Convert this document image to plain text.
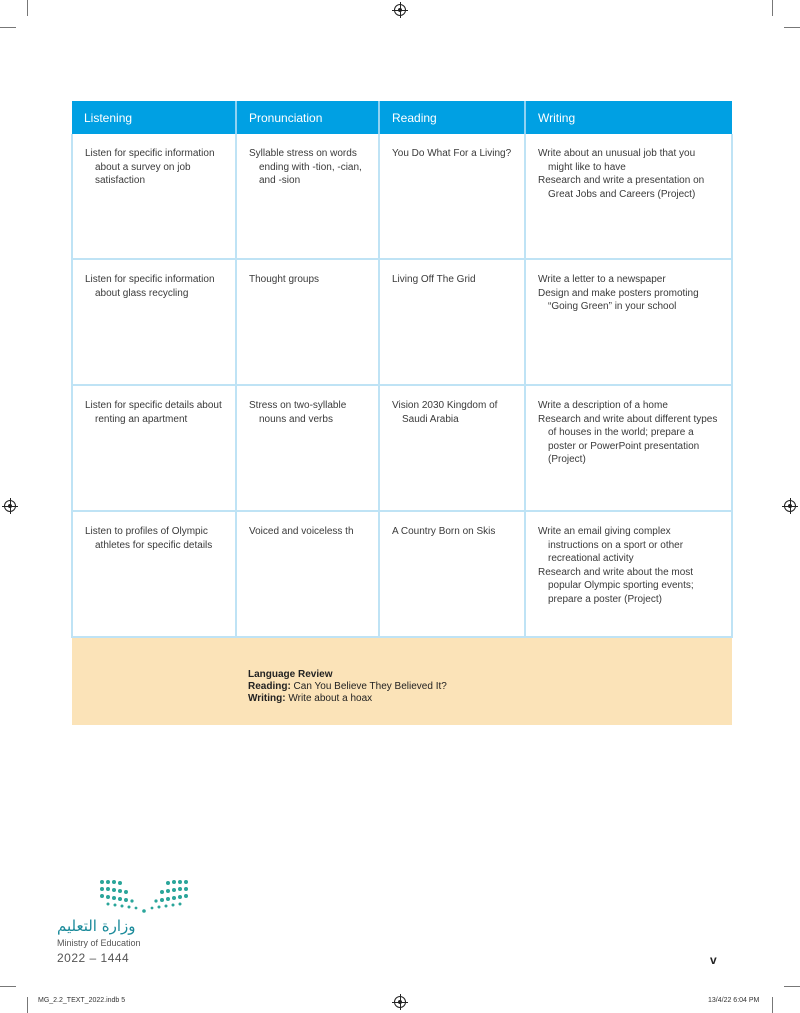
Listening	Pronunciation	Reading	Writing

Listen for specific information about a survey on job satisfaction	Syllable stress on words ending with -tion, -cian, and -sion	You Do What For a Living?	Write about an unusual job that you might like to have
Research and write a presentation on Great Jobs and Careers (Project)

Listen for specific information about glass recycling	Thought groups	Living Off The Grid	Write a letter to a newspaper
Design and make posters promoting “Going Green” in your school

Listen for specific details about renting an apartment	Stress on two-syllable nouns and verbs	Vision 2030 Kingdom of Saudi Arabia	Write a description of a home
Research and write about different types of houses in the world; prepare a poster or PowerPoint presentation (Project)

Listen to profiles of Olympic athletes for specific details	Voiced and voiceless th	A Country Born on Skis	Write an email giving complex instructions on a sport or other recreational activity
Research and write about the most popular Olympic sporting events; prepare a poster (Project)

Language Review
Reading: Can You Believe They Believed It?
Writing: Write about a hoax			
وزارة التعليم
Ministry of Education
2022 – 1444	v
MG_2.2_TEXT_2022.indb 5	13/4/22 6:04 PM
